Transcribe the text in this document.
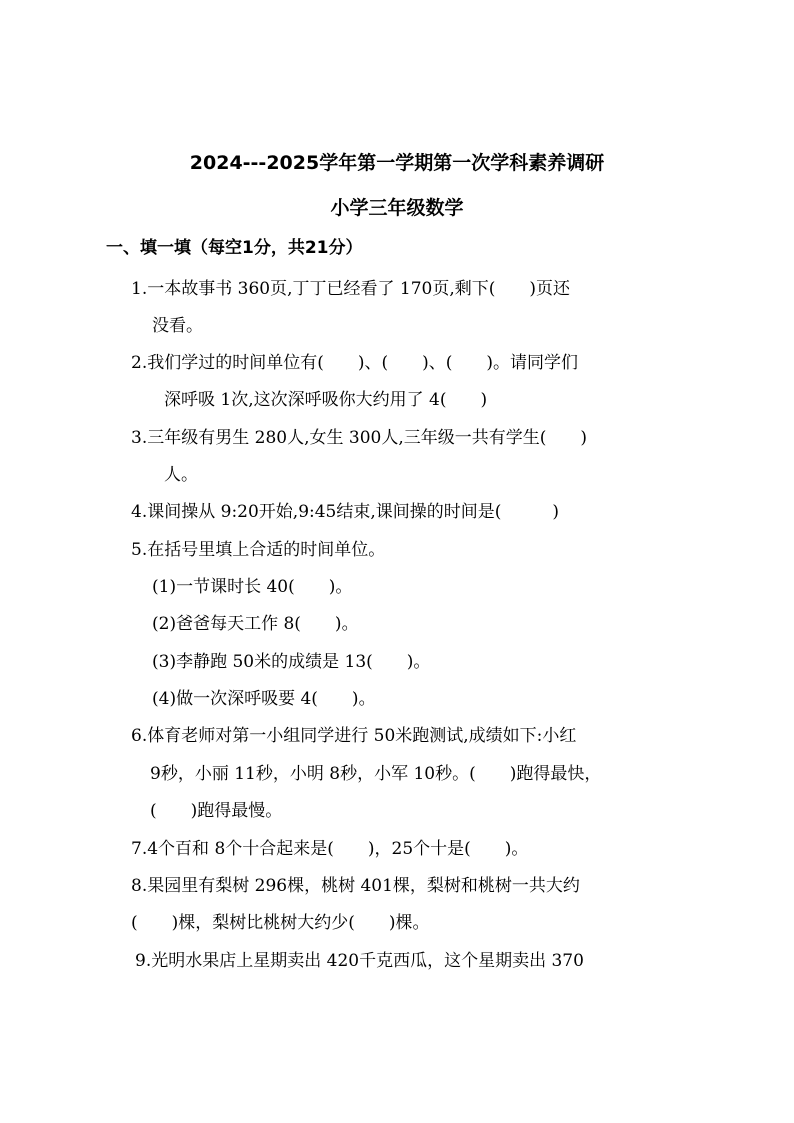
2024---2025学年第一学期第一次学科素养调研
小学三年级数学
一、填一填（每空1分，共21分）
1.一本故事书 360页,丁丁已经看了 170页,剩下(　　)页还
没看。
2.我们学过的时间单位有(　　)、(　　)、(　　)。请同学们
深呼吸 1次,这次深呼吸你大约用了 4(　　)
3.三年级有男生 280人,女生 300人,三年级一共有学生(　　)
人。
4.课间操从 9:20开始,9:45结束,课间操的时间是(　　　)
5.在括号里填上合适的时间单位。
(1)一节课时长 40(　　)。
(2)爸爸每天工作 8(　　)。
(3)李静跑 50米的成绩是 13(　　)。
(4)做一次深呼吸要 4(　　)。
6.体育老师对第一小组同学进行 50米跑测试,成绩如下:小红
9秒，小丽 11秒，小明 8秒，小军 10秒。(　　)跑得最快，
(　　)跑得最慢。
7.4个百和 8个十合起来是(　　)，25个十是(　　)。
8.果园里有梨树 296棵，桃树 401棵，梨树和桃树一共大约
(　　)棵，梨树比桃树大约少(　　)棵。
9.光明水果店上星期卖出 420千克西瓜，这个星期卖出 370
